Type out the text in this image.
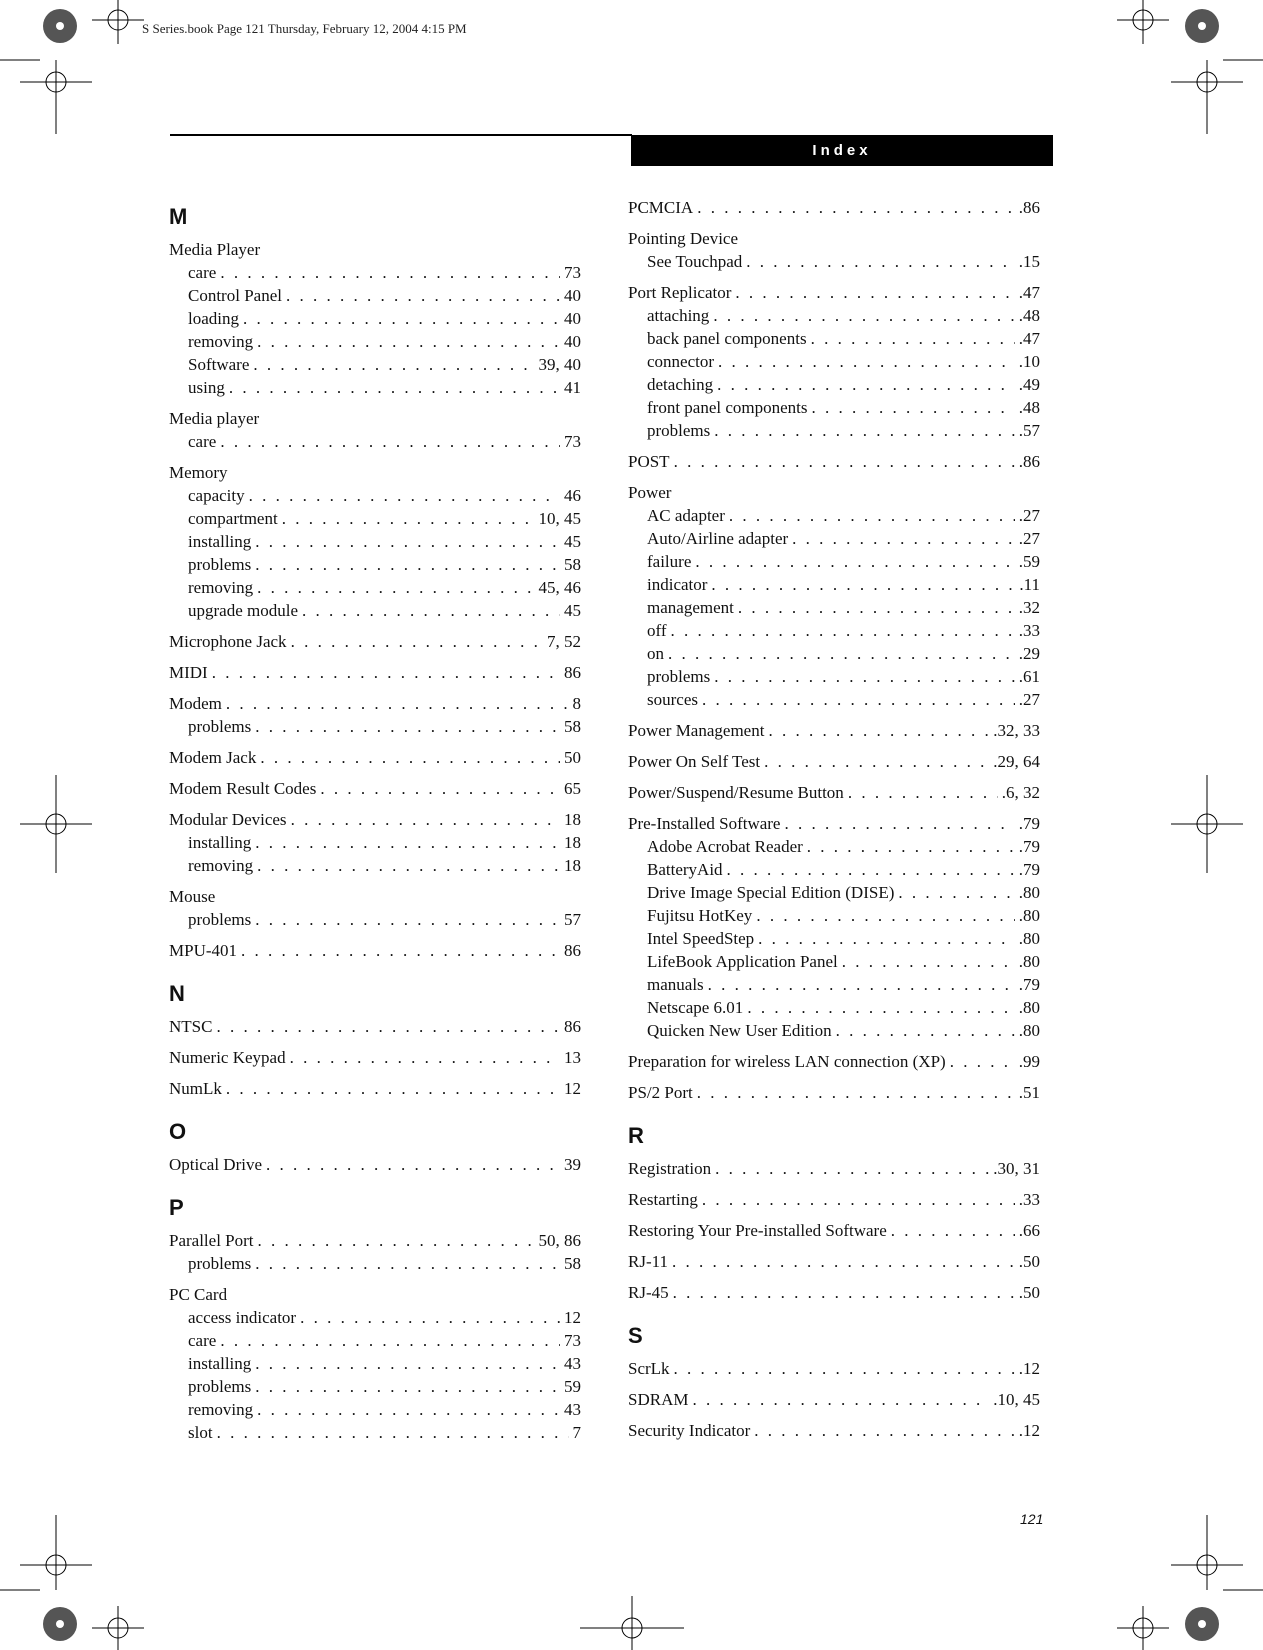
S Series.book Page 121 Thursday, February 12, 2004 4:15 PM
Index
M
Media Player
care . . .	73
Control Panel . . .	40
loading . . .	40
removing . . .	40
Software . . .	39, 40
using . . .	41
Media player
care . . .	73
Memory
capacity . . .	46
compartment . . .	10, 45
installing . . .	45
problems . . .	58
removing . . .	45, 46
upgrade module . . .	45
Microphone Jack . . .	7, 52
MIDI . . .	86
Modem . . .	8
problems . . .	58
Modem Jack . . .	50
Modem Result Codes . . .	65
Modular Devices . . .	18
installing . . .	18
removing . . .	18
Mouse
problems . . .	57
MPU-401 . . .	86
N
NTSC . . .	86
Numeric Keypad . . .	13
NumLk . . .	12
O
Optical Drive . . .	39
P
Parallel Port . . .	50, 86
problems . . .	58
PC Card
access indicator . . .	12
care . . .	73
installing . . .	43
problems . . .	59
removing . . .	43
slot . . .	7
PCMCIA . . .	.86
Pointing Device
See Touchpad . . .	.15
Port Replicator . . .	.47
attaching . . .	.48
back panel components . . .	.47
connector . . .	.10
detaching . . .	.49
front panel components . . .	.48
problems . . .	.57
POST . . .	.86
Power
AC adapter . . .	.27
Auto/Airline adapter . . .	.27
failure . . .	.59
indicator . . .	.11
management . . .	.32
off . . .	.33
on . . .	.29
problems . . .	.61
sources . . .	.27
Power Management . . .	.32, 33
Power On Self Test . . .	.29, 64
Power/Suspend/Resume Button . . .	.6, 32
Pre-Installed Software . . .	.79
Adobe Acrobat Reader . . .	.79
BatteryAid . . .	.79
Drive Image Special Edition (DISE) . . .	.80
Fujitsu HotKey . . .	.80
Intel SpeedStep . . .	.80
LifeBook Application Panel . . .	.80
manuals . . .	.79
Netscape 6.01 . . .	.80
Quicken New User Edition . . .	.80
Preparation for wireless LAN connection (XP) . . .	.99
PS/2 Port . . .	.51
R
Registration . . .	.30, 31
Restarting . . .	.33
Restoring Your Pre-installed Software . . .	.66
RJ-11 . . .	.50
RJ-45 . . .	.50
S
ScrLk . . .	.12
SDRAM . . .	.10, 45
Security Indicator . . .	.12
121
